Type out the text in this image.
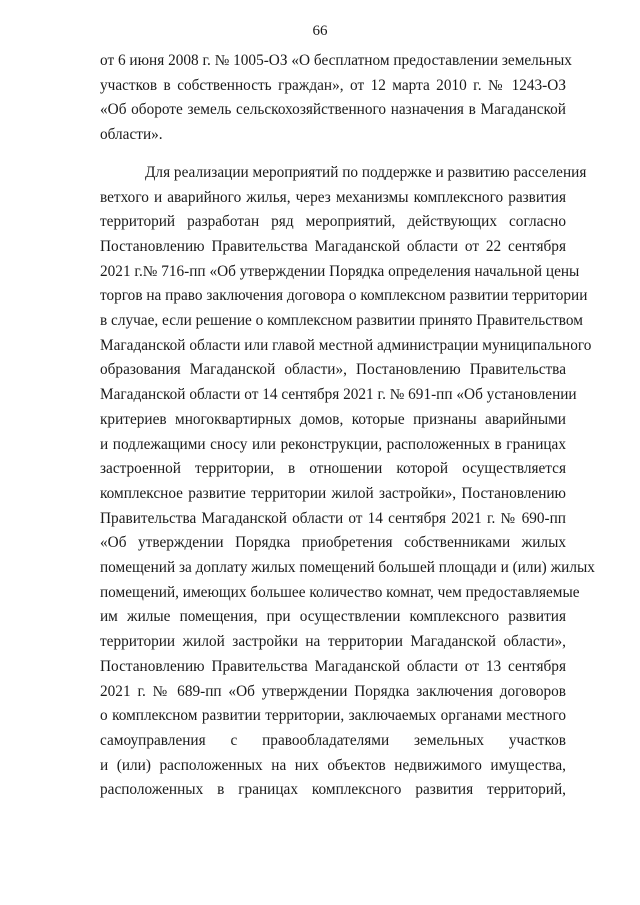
66

от 6 июня 2008 г. № 1005-ОЗ «О бесплатном предоставлении земельных
участков в собственность граждан», от 12 марта 2010 г. № 1243-ОЗ
«Об обороте земель сельскохозяйственного назначения в Магаданской
области».

Для реализации мероприятий по поддержке и развитию расселения
ветхого и аварийного жилья, через механизмы комплексного развития
территорий разработан ряд мероприятий, действующих согласно
Постановлению Правительства Магаданской области от 22 сентября
2021 г.№ 716-пп «Об утверждении Порядка определения начальной цены
торгов на право заключения договора о комплексном развитии территории
в случае, если решение о комплексном развитии принято Правительством
Магаданской области или главой местной администрации муниципального
образования Магаданской области», Постановлению Правительства
Магаданской области от 14 сентября 2021 г. № 691-пп «Об установлении
критериев многоквартирных домов, которые признаны аварийными
и подлежащими сносу или реконструкции, расположенных в границах
застроенной территории, в отношении которой осуществляется
комплексное развитие территории жилой застройки», Постановлению
Правительства Магаданской области от 14 сентября 2021 г. № 690-пп
«Об утверждении Порядка приобретения собственниками жилых
помещений за доплату жилых помещений большей площади и (или) жилых
помещений, имеющих большее количество комнат, чем предоставляемые
им жилые помещения, при осуществлении комплексного развития
территории жилой застройки на территории Магаданской области»,
Постановлению Правительства Магаданской области от 13 сентября
2021 г. № 689-пп «Об утверждении Порядка заключения договоров
о комплексном развитии территории, заключаемых органами местного
самоуправления с правообладателями земельных участков
и (или) расположенных на них объектов недвижимого имущества,
расположенных в границах комплексного развития территорий,
